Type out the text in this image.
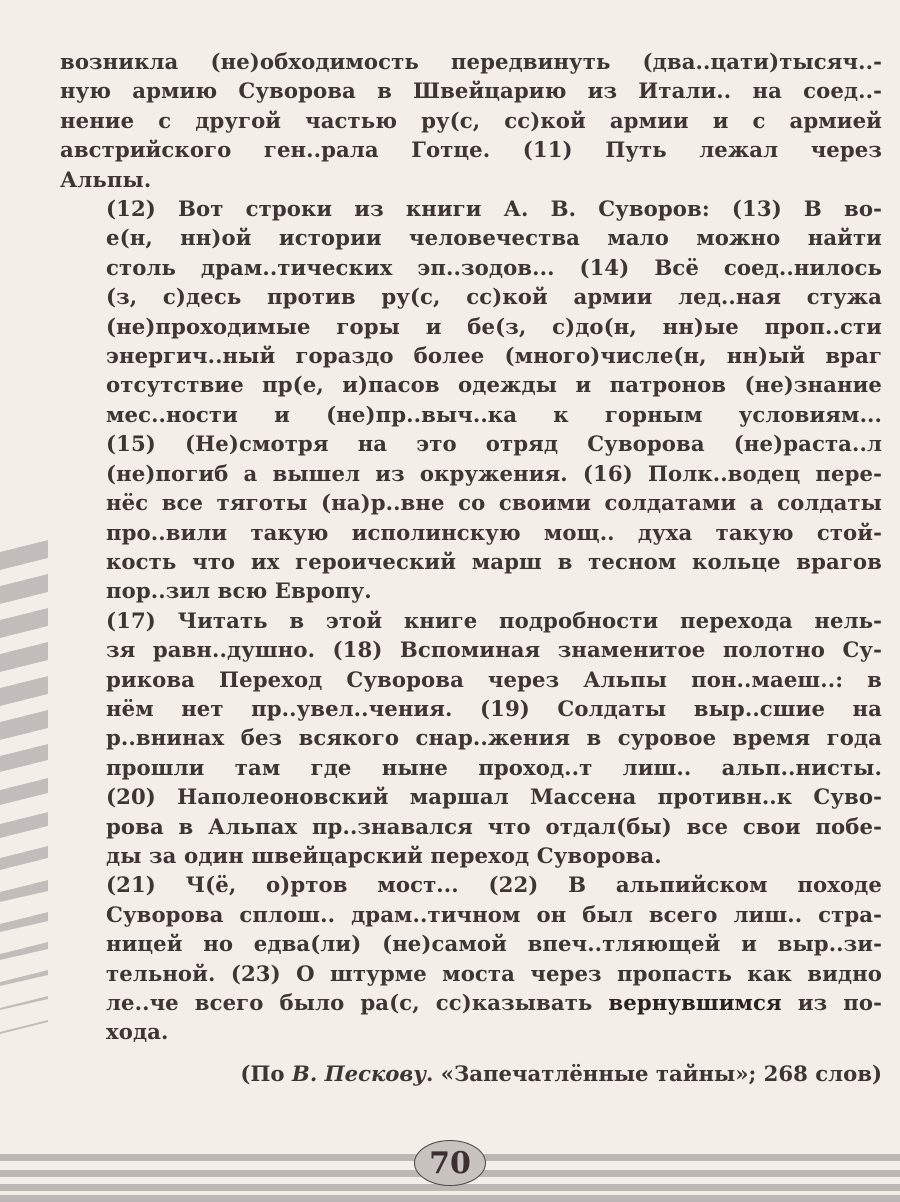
возникла (не)обходимость передвинуть (два..цати)тысяч..-
ную армию Суворова в Швейцарию из Итали.. на соед..-
нение с другой частью ру(с, сс)кой армии и с армией
австрийского ген..рала Готце. (11) Путь лежал через
Альпы.
(12) Вот строки из книги А. В. Суворов: (13) В во-
е(н, нн)ой истории человечества мало можно найти
столь драм..тических эп..зодов... (14) Всё соед..нилось
(з, с)десь против ру(с, сс)кой армии лед..ная стужа
(не)проходимые горы и бе(з, с)до(н, нн)ые проп..сти
энергич..ный гораздо более (много)числе(н, нн)ый враг
отсутствие пр(е, и)пасов одежды и патронов (не)знание
мес..ности и (не)пр..выч..ка к горным условиям...
(15) (Не)смотря на это отряд Суворова (не)раста..л
(не)погиб а вышел из окружения. (16) Полк..водец пере-
нёс все тяготы (на)р..вне со своими солдатами а солдаты
про..вили такую исполинскую мощ.. духа такую стой-
кость что их героический марш в тесном кольце врагов
пор..зил всю Европу.
(17) Читать в этой книге подробности перехода нель-
зя равн..душно. (18) Вспоминая знаменитое полотно Су-
рикова Переход Суворова через Альпы пон..маеш..: в
нём нет пр..увел..чения. (19) Солдаты выр..сшие на
р..внинах без всякого снар..жения в суровое время года
прошли там где ныне проход..т лиш.. альп..нисты.
(20) Наполеоновский маршал Массена противн..к Суво-
рова в Альпах пр..знавался что отдал(бы) все свои побе-
ды за один швейцарский переход Суворова.
(21) Ч(ё, о)ртов мост... (22) В альпийском походе
Суворова сплош.. драм..тичном он был всего лиш.. стра-
ницей но едва(ли) (не)самой впеч..тляющей и выр..зи-
тельной. (23) О штурме моста через пропасть как видно
ле..че всего было ра(с, сс)казывать вернувшимся из по-
хода.
(По В. Пескову. «Запечатлённые тайны»; 268 слов)
70
